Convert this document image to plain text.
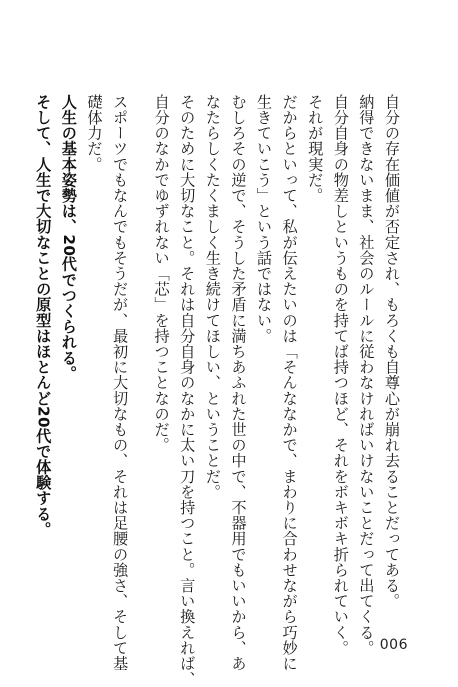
自分の存在価値が否定され、もろくも自尊心が崩れ去ることだってある。
納得できないまま、社会のルールに従わなければいけないことだって出てくる。
自分自身の物差しというものを持てば持つほど、それをボキボキ折られていく。
それが現実だ。
だからといって、私が伝えたいのは「そんななかで、まわりに合わせながら巧妙に
生きていこう」という話ではない。
むしろその逆で、そうした矛盾に満ちあふれた世の中で、不器用でもいいから、あ
なたらしくたくましく生き続けてほしい、ということだ。
そのために大切なこと。それは自分自身のなかに太い刀を持つこと。言い換えれば、
自分のなかでゆずれない「芯」を持つことなのだ。
スポーツでもなんでもそうだが、最初に大切なもの、それは足腰の強さ、そして基
礎体力だ。
人生の基本姿勢は、20代でつくられる。
そして、人生で大切なことの原型はほとんど20代で体験する。
006
